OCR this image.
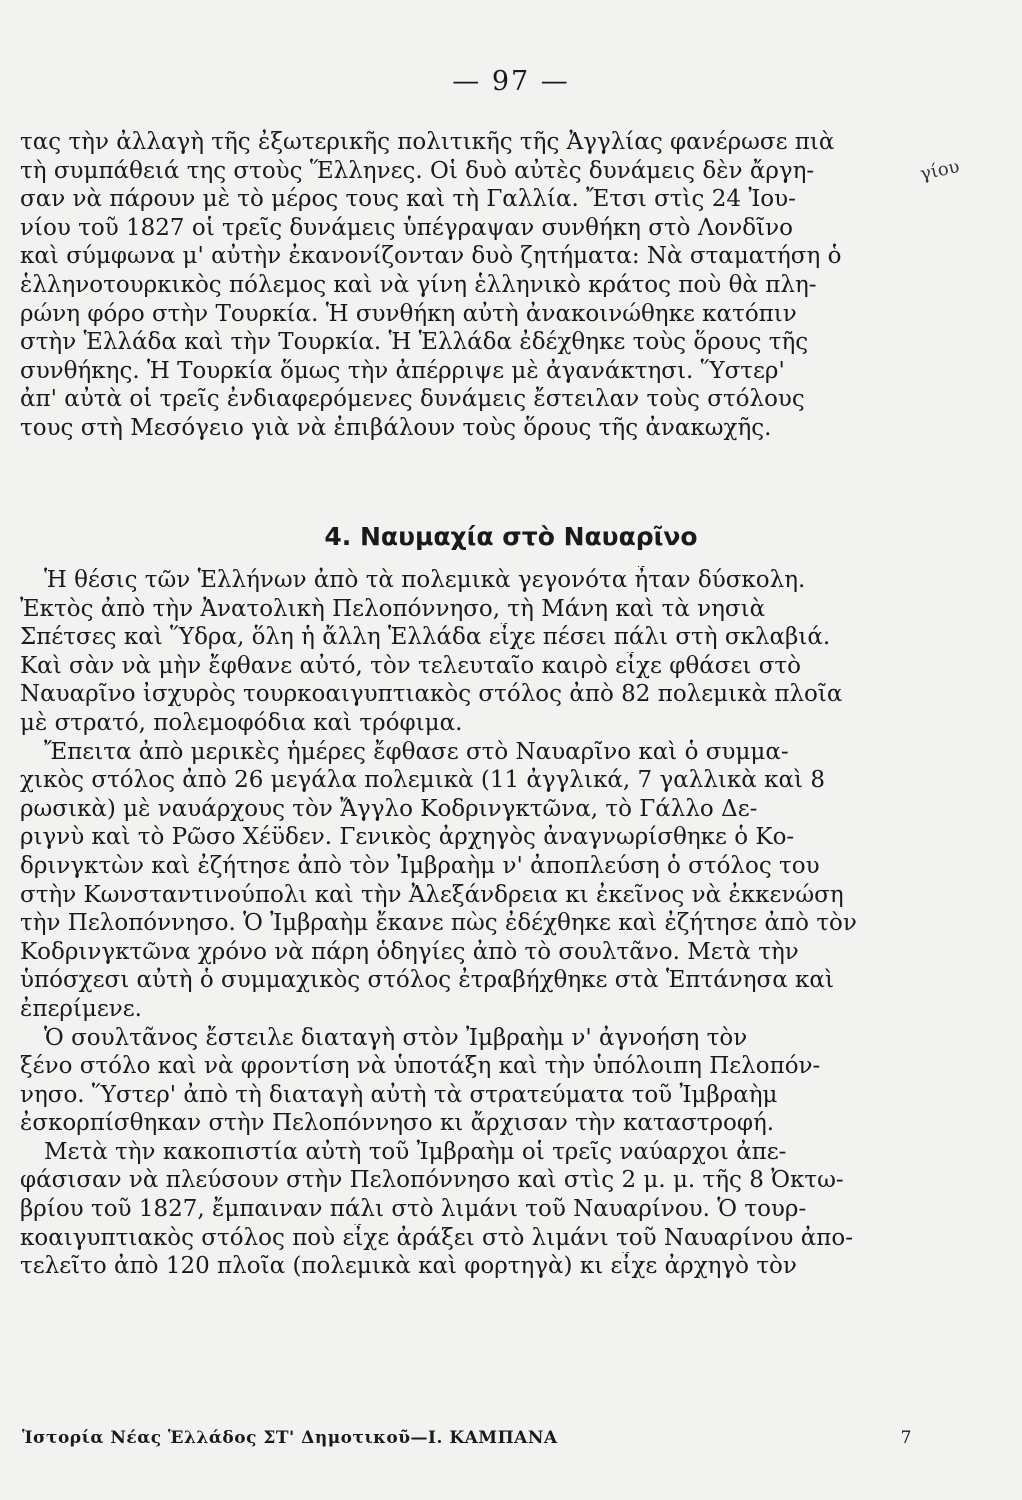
— 97 —
γίου
τας τὴν ἀλλαγὴ τῆς ἐξωτερικῆς πολιτικῆς τῆς Ἀγγλίας φανέρωσε πιὰ
τὴ συμπάθειά της στοὺς Ἕλληνες. Οἱ δυὸ αὐτὲς δυνάμεις δὲν ἄργη-
σαν νὰ πάρουν μὲ τὸ μέρος τους καὶ τὴ Γαλλία. Ἔτσι στὶς 24 Ἰου-
νίου τοῦ 1827 οἱ τρεῖς δυνάμεις ὑπέγραψαν συνθήκη στὸ Λονδῖνο
καὶ σύμφωνα μ' αὐτὴν ἐκανονίζονταν δυὸ ζητήματα: Νὰ σταματήση ὁ
ἑλληνοτουρκικὸς πόλεμος καὶ νὰ γίνη ἑλληνικὸ κράτος ποὺ θὰ πλη-
ρώνη φόρο στὴν Τουρκία. Ἡ συνθήκη αὐτὴ ἀνακοινώθηκε κατόπιν
στὴν Ἑλλάδα καὶ τὴν Τουρκία. Ἡ Ἑλλάδα ἐδέχθηκε τοὺς ὅρους τῆς
συνθήκης. Ἡ Τουρκία ὅμως τὴν ἀπέρριψε μὲ ἀγανάκτησι. Ὕστερ'
ἀπ' αὐτὰ οἱ τρεῖς ἐνδιαφερόμενες δυνάμεις ἔστειλαν τοὺς στόλους
τους στὴ Μεσόγειο γιὰ νὰ ἐπιβάλουν τοὺς ὅρους τῆς ἀνακωχῆς.
4. Ναυμαχία στὸ Ναυαρῖνο
Ἡ θέσις τῶν Ἑλλήνων ἀπὸ τὰ πολεμικὰ γεγονότα ἦταν δύσκολη.
Ἐκτὸς ἀπὸ τὴν Ἀνατολικὴ Πελοπόννησο, τὴ Μάνη καὶ τὰ νησιὰ
Σπέτσες καὶ Ὕδρα, ὅλη ἡ ἄλλη Ἑλλάδα εἶχε πέσει πάλι στὴ σκλαβιά.
Καὶ σὰν νὰ μὴν ἔφθανε αὐτό, τὸν τελευταῖο καιρὸ εἶχε φθάσει στὸ
Ναυαρῖνο ἰσχυρὸς τουρκοαιγυπτιακὸς στόλος ἀπὸ 82 πολεμικὰ πλοῖα
μὲ στρατό, πολεμοφόδια καὶ τρόφιμα.
Ἔπειτα ἀπὸ μερικὲς ἡμέρες ἔφθασε στὸ Ναυαρῖνο καὶ ὁ συμμα-
χικὸς στόλος ἀπὸ 26 μεγάλα πολεμικὰ (11 ἀγγλικά, 7 γαλλικὰ καὶ 8
ρωσικὰ) μὲ ναυάρχους τὸν Ἄγγλο Κοδρινγκτῶνα, τὸ Γάλλο Δε-
ριγνὺ καὶ τὸ Ρῶσο Χέϋδεν. Γενικὸς ἀρχηγὸς ἀναγνωρίσθηκε ὁ Κο-
δρινγκτὼν καὶ ἐζήτησε ἀπὸ τὸν Ἰμβραὴμ ν' ἀποπλεύση ὁ στόλος του
στὴν Κωνσταντινούπολι καὶ τὴν Ἀλεξάνδρεια κι ἐκεῖνος νὰ ἐκκενώση
τὴν Πελοπόννησο. Ὁ Ἰμβραὴμ ἔκανε πὼς ἐδέχθηκε καὶ ἐζήτησε ἀπὸ τὸν
Κοδρινγκτῶνα χρόνο νὰ πάρη ὁδηγίες ἀπὸ τὸ σουλτᾶνο. Μετὰ τὴν
ὑπόσχεσι αὐτὴ ὁ συμμαχικὸς στόλος ἐτραβήχθηκε στὰ Ἑπτάνησα καὶ
ἐπερίμενε.
Ὁ σουλτᾶνος ἔστειλε διαταγὴ στὸν Ἰμβραὴμ ν' ἀγνοήση τὸν
ξένο στόλο καὶ νὰ φροντίση νὰ ὑποτάξη καὶ τὴν ὑπόλοιπη Πελοπόν-
νησο. Ὕστερ' ἀπὸ τὴ διαταγὴ αὐτὴ τὰ στρατεύματα τοῦ Ἰμβραὴμ
ἐσκορπίσθηκαν στὴν Πελοπόννησο κι ἄρχισαν τὴν καταστροφή.
Μετὰ τὴν κακοπιστία αὐτὴ τοῦ Ἰμβραὴμ οἱ τρεῖς ναύαρχοι ἀπε-
φάσισαν νὰ πλεύσουν στὴν Πελοπόννησο καὶ στὶς 2 μ. μ. τῆς 8 Ὀκτω-
βρίου τοῦ 1827, ἔμπαιναν πάλι στὸ λιμάνι τοῦ Ναυαρίνου. Ὁ τουρ-
κοαιγυπτιακὸς στόλος ποὺ εἶχε ἀράξει στὸ λιμάνι τοῦ Ναυαρίνου ἀπο-
τελεῖτο ἀπὸ 120 πλοῖα (πολεμικὰ καὶ φορτηγὰ) κι εἶχε ἀρχηγὸ τὸν
Ἱστορία Νέας Ἑλλάδος ΣΤ' Δημοτικοῦ—Ι. ΚΑΜΠΑΝΑ	7
